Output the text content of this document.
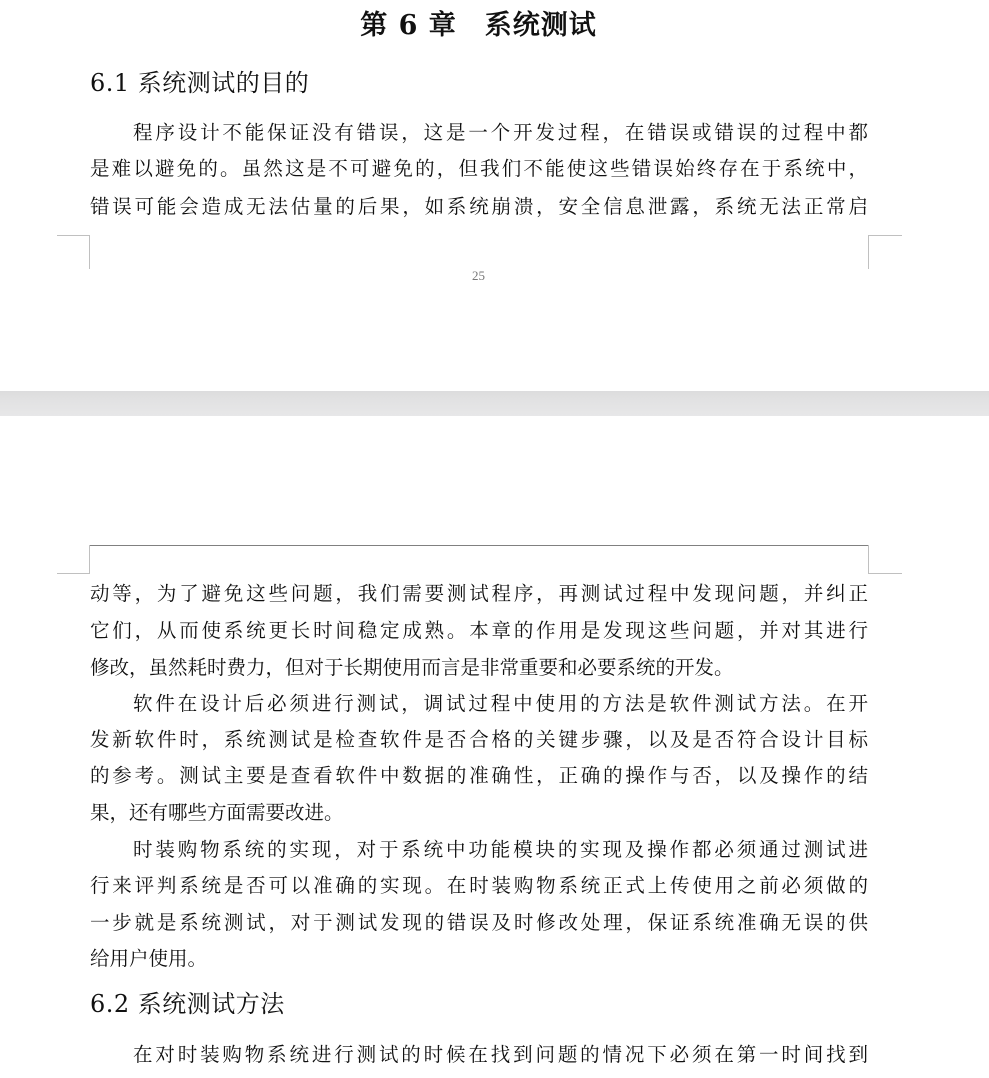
第 6 章　系统测试
6.1 系统测试的目的
程序设计不能保证没有错误，这是一个开发过程，在错误或错误的过程中都
是难以避免的。虽然这是不可避免的，但我们不能使这些错误始终存在于系统中，
错误可能会造成无法估量的后果，如系统崩溃，安全信息泄露，系统无法正常启
25
动等，为了避免这些问题，我们需要测试程序，再测试过程中发现问题，并纠正
它们，从而使系统更长时间稳定成熟。本章的作用是发现这些问题，并对其进行
修改，虽然耗时费力，但对于长期使用而言是非常重要和必要系统的开发。
软件在设计后必须进行测试，调试过程中使用的方法是软件测试方法。在开
发新软件时，系统测试是检查软件是否合格的关键步骤，以及是否符合设计目标
的参考。测试主要是查看软件中数据的准确性，正确的操作与否，以及操作的结
果，还有哪些方面需要改进。
时装购物系统的实现，对于系统中功能模块的实现及操作都必须通过测试进
行来评判系统是否可以准确的实现。在时装购物系统正式上传使用之前必须做的
一步就是系统测试，对于测试发现的错误及时修改处理，保证系统准确无误的供
给用户使用。
6.2 系统测试方法
在对时装购物系统进行测试的时候在找到问题的情况下必须在第一时间找到
